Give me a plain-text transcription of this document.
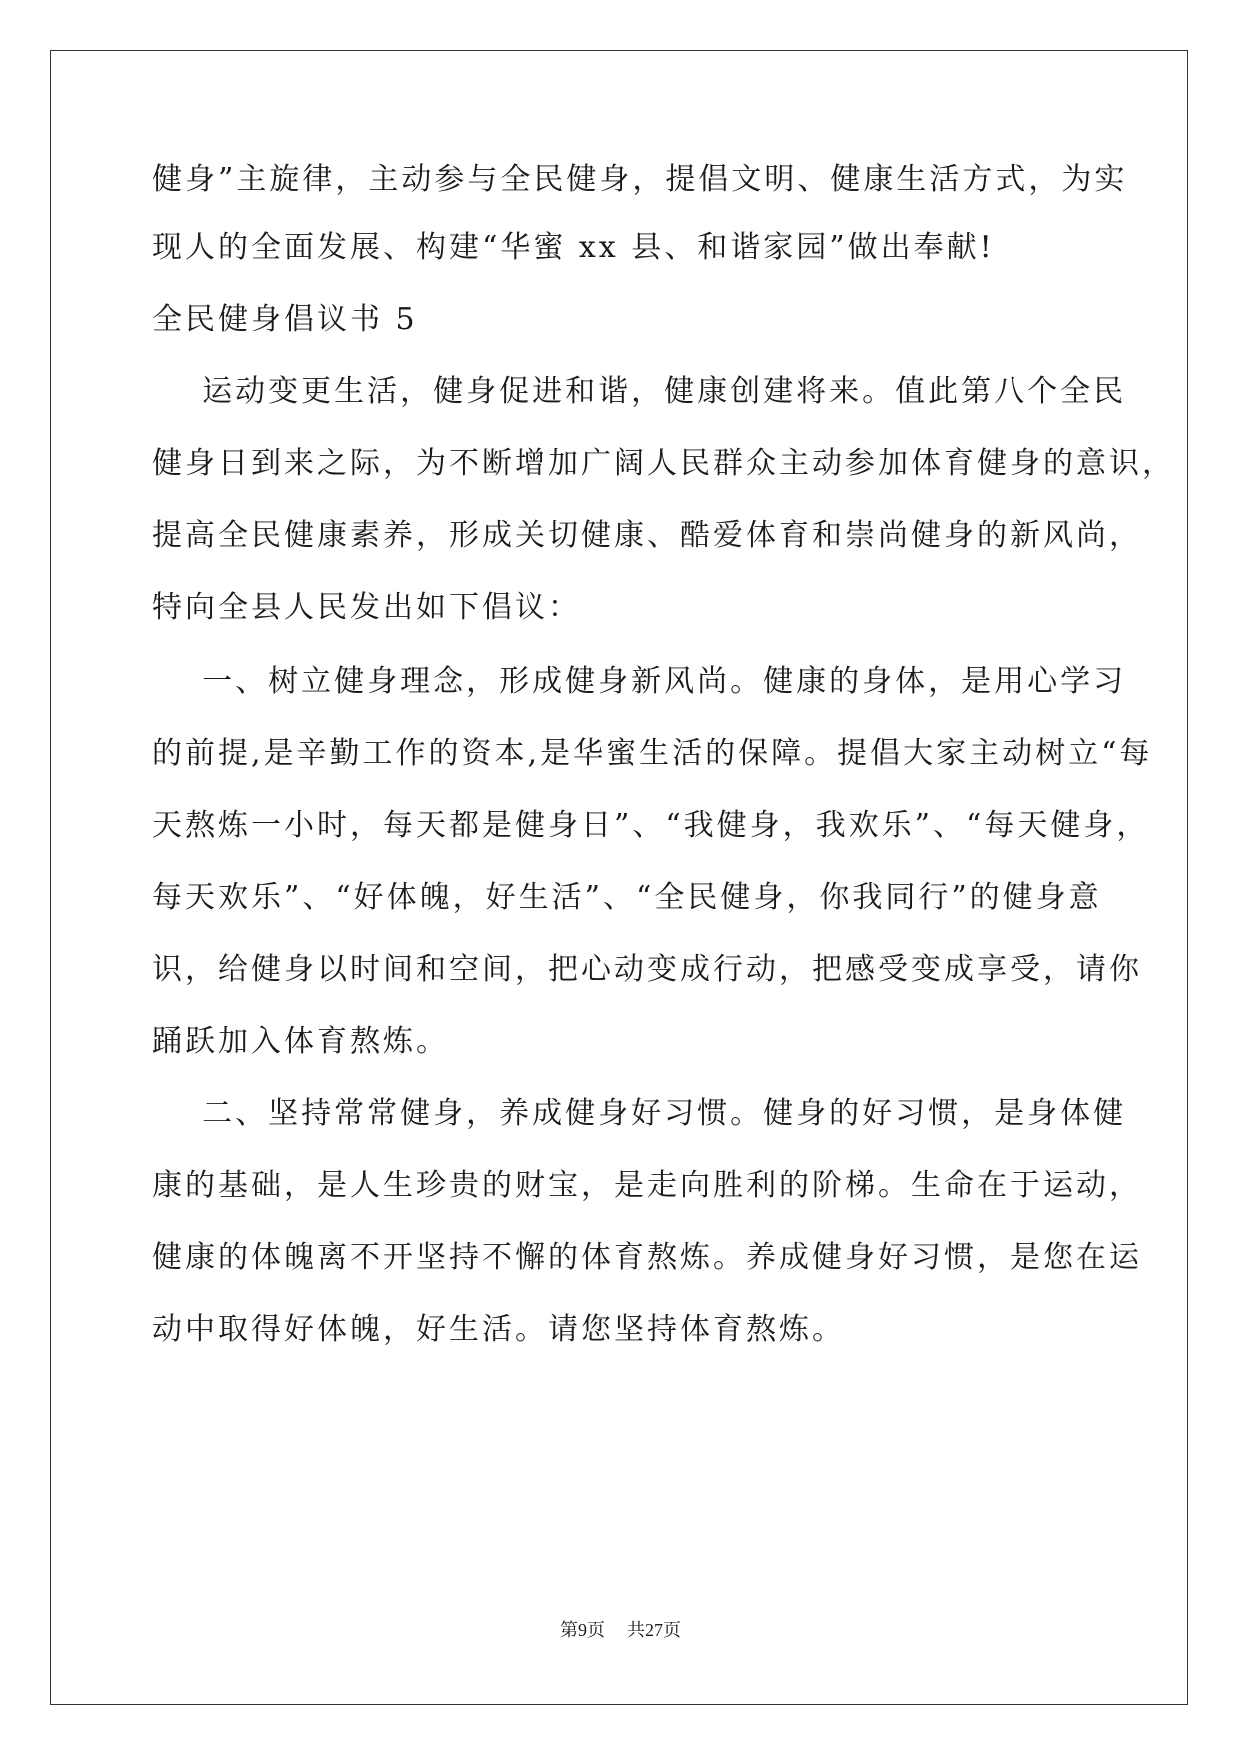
健身”主旋律，主动参与全民健身，提倡文明、健康生活方式，为实
现人的全面发展、构建“华蜜 xx 县、和谐家园”做出奉献!
全民健身倡议书 5
运动变更生活，健身促进和谐，健康创建将来。值此第八个全民
健身日到来之际，为不断增加广阔人民群众主动参加体育健身的意识，
提高全民健康素养，形成关切健康、酷爱体育和崇尚健身的新风尚，
特向全县人民发出如下倡议：
一、树立健身理念，形成健身新风尚。健康的身体，是用心学习
的前提,是辛勤工作的资本,是华蜜生活的保障。提倡大家主动树立“每
天熬炼一小时，每天都是健身日”、“我健身，我欢乐”、“每天健身，
每天欢乐”、“好体魄，好生活”、“全民健身，你我同行”的健身意
识，给健身以时间和空间，把心动变成行动，把感受变成享受，请你
踊跃加入体育熬炼。
二、坚持常常健身，养成健身好习惯。健身的好习惯，是身体健
康的基础，是人生珍贵的财宝，是走向胜利的阶梯。生命在于运动，
健康的体魄离不开坚持不懈的体育熬炼。养成健身好习惯，是您在运
动中取得好体魄，好生活。请您坚持体育熬炼。
第9页 共27页
